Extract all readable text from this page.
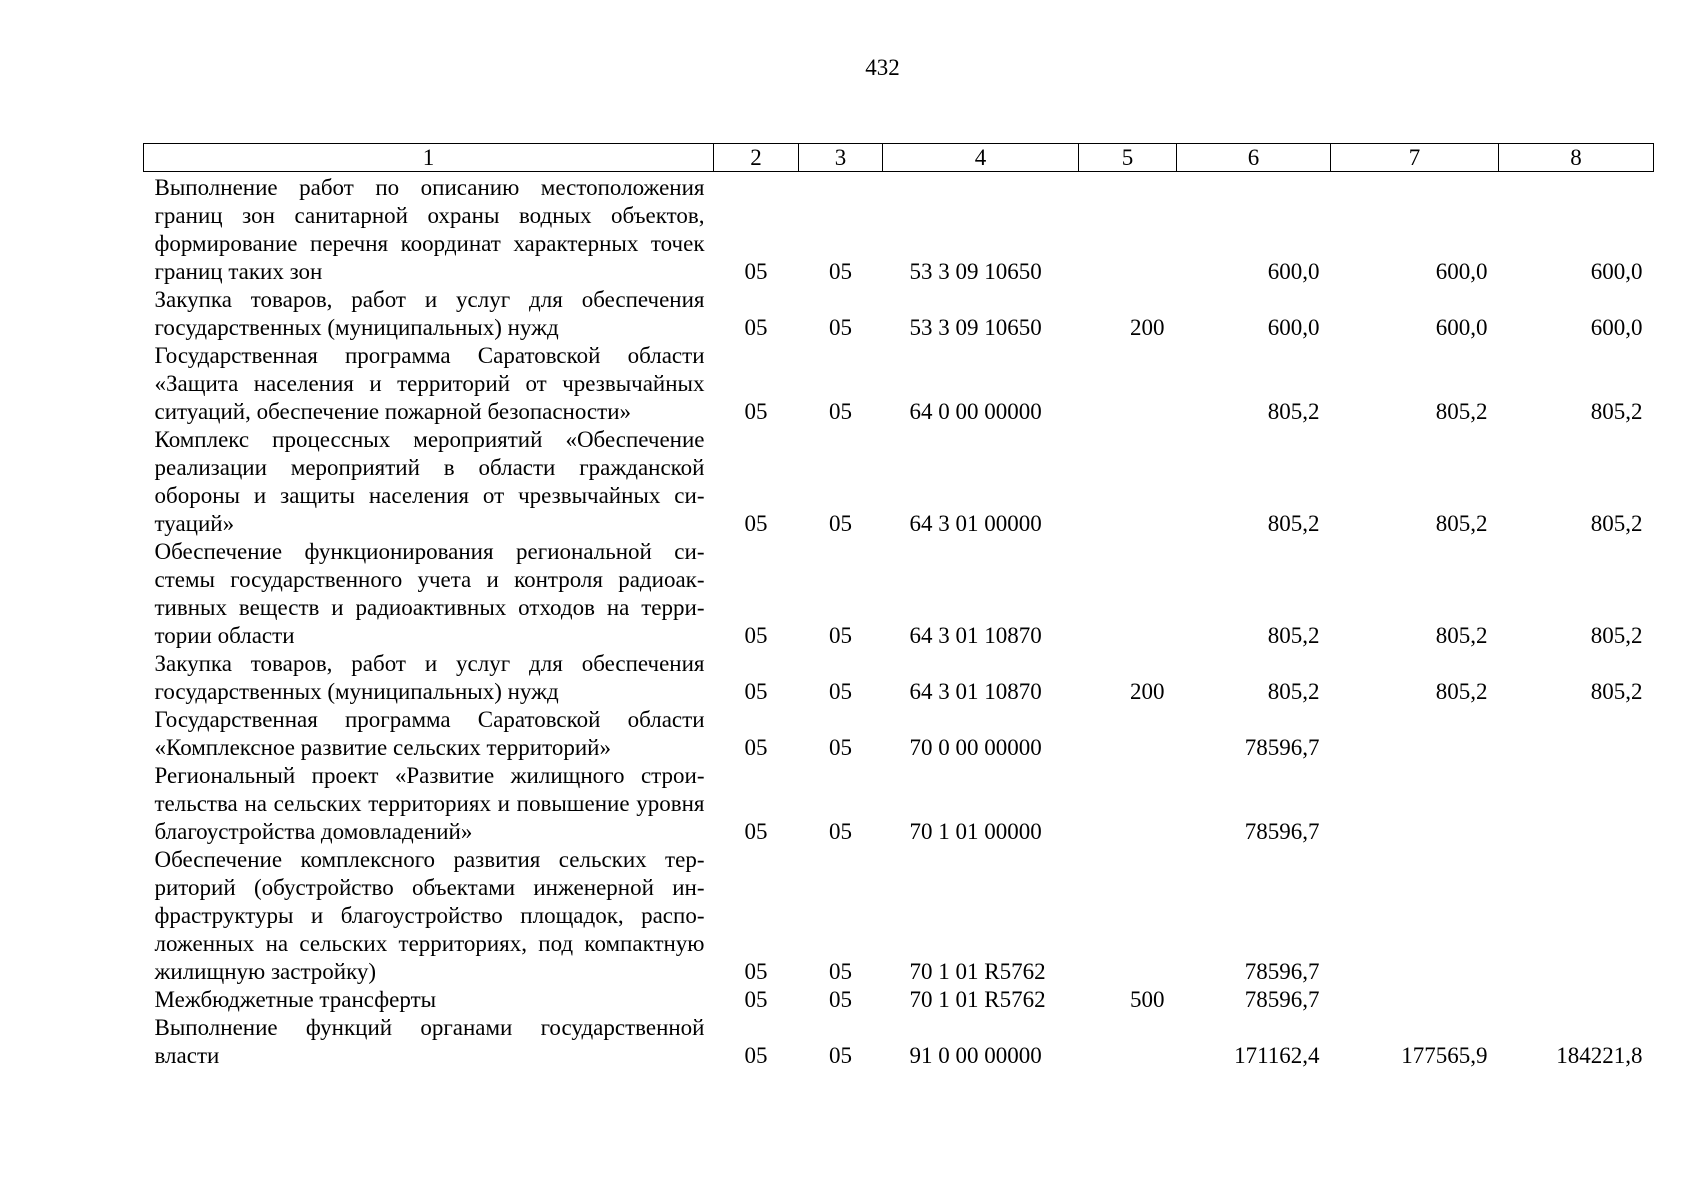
432
1	2	3	4	5	6	7	8
Выполнение работ по описанию местоположения границ зон санитарной охраны водных объектов, формирование перечня координат характерных точек границ таких зон	05	05	53 3 09 10650		600,0	600,0	600,0
Закупка товаров, работ и услуг для обеспечения государственных (муниципальных) нужд	05	05	53 3 09 10650	200	600,0	600,0	600,0
Государственная программа Саратовской области «Защита населения и территорий от чрезвычайных ситуаций, обеспечение пожарной безопасности»	05	05	64 0 00 00000		805,2	805,2	805,2
Комплекс процессных мероприятий «Обеспечение реализации мероприятий в области гражданской обороны и защиты населения от чрезвычайных ситуаций»	05	05	64 3 01 00000		805,2	805,2	805,2
Обеспечение функционирования региональной системы государственного учета и контроля радиоактивных веществ и радиоактивных отходов на территории области	05	05	64 3 01 10870		805,2	805,2	805,2
Закупка товаров, работ и услуг для обеспечения государственных (муниципальных) нужд	05	05	64 3 01 10870	200	805,2	805,2	805,2
Государственная программа Саратовской области «Комплексное развитие сельских территорий»	05	05	70 0 00 00000		78596,7		
Региональный проект «Развитие жилищного строительства на сельских территориях и повышение уровня благоустройства домовладений»	05	05	70 1 01 00000		78596,7		
Обеспечение комплексного развития сельских территорий (обустройство объектами инженерной инфраструктуры и благоустройство площадок, расположенных на сельских территориях, под компактную жилищную застройку)	05	05	70 1 01 R5762		78596,7		
Межбюджетные трансферты	05	05	70 1 01 R5762	500	78596,7		
Выполнение функций органами государственной власти	05	05	91 0 00 00000		171162,4	177565,9	184221,8
